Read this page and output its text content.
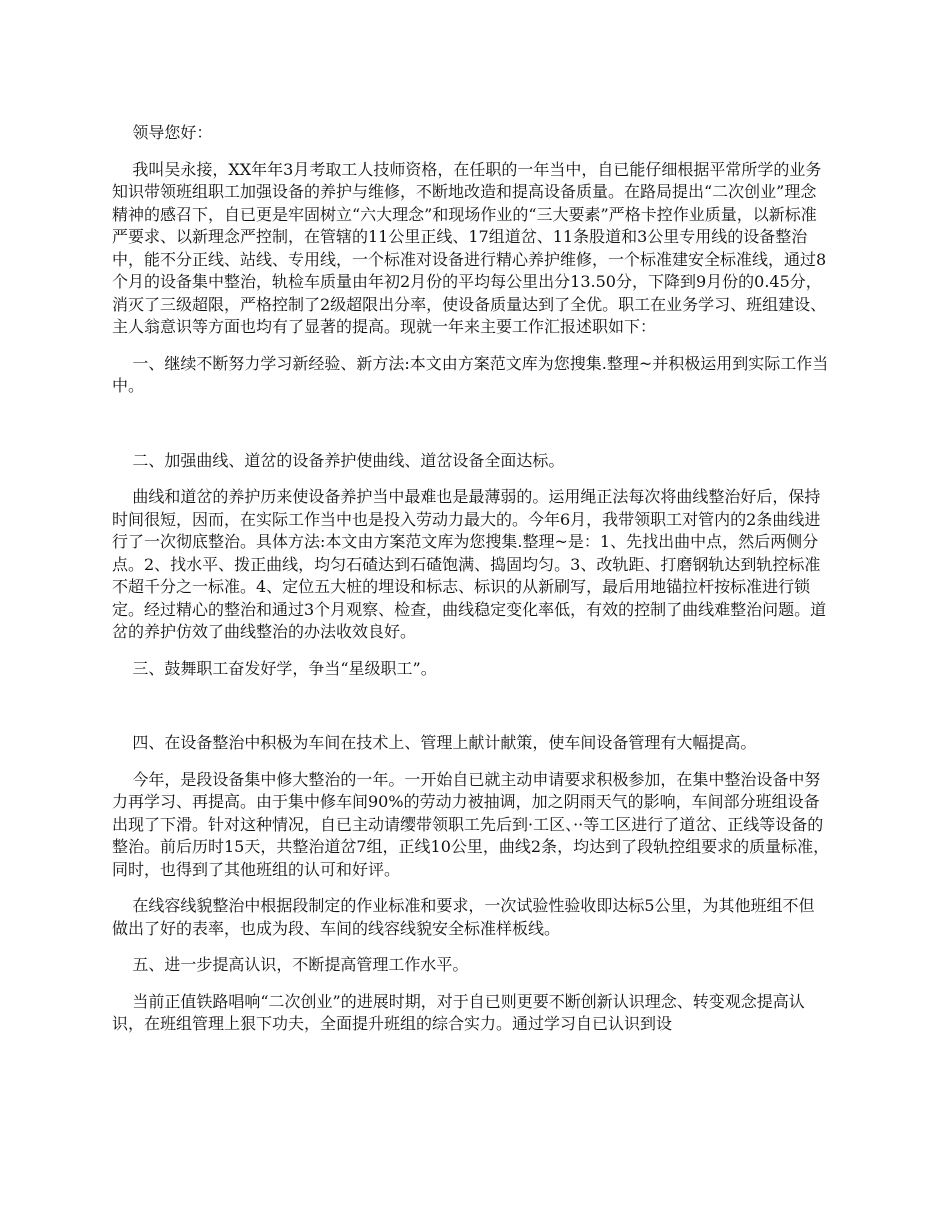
领导您好：

我叫吴永接，XX年年3月考取工人技师资格，在任职的一年当中，自已能仔细根据平常所学的业务知识带领班组职工加强设备的养护与维修，不断地改造和提高设备质量。在路局提出“二次创业”理念精神的感召下，自已更是牢固树立“六大理念”和现场作业的“三大要素”严格卡控作业质量，以新标准严要求、以新理念严控制，在管辖的11公里正线、17组道岔、11条股道和3公里专用线的设备整治中，能不分正线、站线、专用线，一个标准对设备进行精心养护维修，一个标准建安全标准线，通过8个月的设备集中整治，轨检车质量由年初2月份的平均每公里出分13.50分，下降到9月份的0.45分，消灭了三级超限，严格控制了2级超限出分率，使设备质量达到了全优。职工在业务学习、班组建设、主人翁意识等方面也均有了显著的提高。现就一年来主要工作汇报述职如下：

一、继续不断努力学习新经验、新方法:本文由方案范文库为您搜集.整理~并积极运用到实际工作当中。

二、加强曲线、道岔的设备养护使曲线、道岔设备全面达标。

曲线和道岔的养护历来使设备养护当中最难也是最薄弱的。运用绳正法每次将曲线整治好后，保持时间很短，因而，在实际工作当中也是投入劳动力最大的。今年6月，我带领职工对管内的2条曲线进行了一次彻底整治。具体方法:本文由方案范文库为您搜集.整理~是：1、先找出曲中点，然后两侧分点。2、找水平、拨正曲线，均匀石碴达到石碴饱满、捣固均匀。3、改轨距、打磨钢轨达到轨控标准不超千分之一标准。4、定位五大桩的埋设和标志、标识的从新刷写，最后用地锚拉杆按标准进行锁定。经过精心的整治和通过3个月观察、检查，曲线稳定变化率低，有效的控制了曲线难整治问题。道岔的养护仿效了曲线整治的办法收效良好。

三、鼓舞职工奋发好学，争当“星级职工”。

四、在设备整治中积极为车间在技术上、管理上献计献策，使车间设备管理有大幅提高。

今年，是段设备集中修大整治的一年。一开始自已就主动申请要求积极参加，在集中整治设备中努力再学习、再提高。由于集中修车间90%的劳动力被抽调，加之阴雨天气的影响，车间部分班组设备出现了下滑。针对这种情况，自已主动请缨带领职工先后到·工区、··等工区进行了道岔、正线等设备的整治。前后历时15天，共整治道岔7组，正线10公里，曲线2条，均达到了段轨控组要求的质量标准，同时，也得到了其他班组的认可和好评。

在线容线貌整治中根据段制定的作业标准和要求，一次试验性验收即达标5公里，为其他班组不但做出了好的表率，也成为段、车间的线容线貌安全标准样板线。

五、进一步提高认识，不断提高管理工作水平。

当前正值铁路唱响“二次创业”的进展时期，对于自已则更要不断创新认识理念、转变观念提高认识，在班组管理上狠下功夫，全面提升班组的综合实力。通过学习自已认识到设
